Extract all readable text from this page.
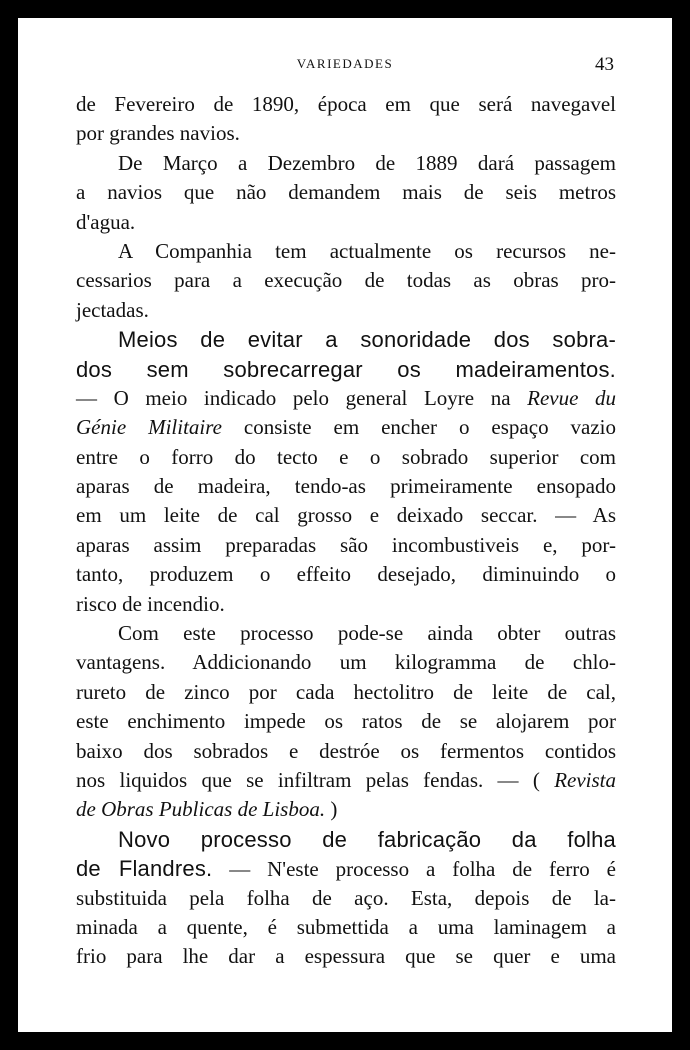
VARIEDADES	43
de Fevereiro de 1890, época em que será navegavel
por grandes navios.
De Março a Dezembro de 1889 dará passagem
a navios que não demandem mais de seis metros
d'agua.
A Companhia tem actualmente os recursos ne-
cessarios para a execução de todas as obras pro-
jectadas.
Meios de evitar a sonoridade dos sobra-
dos sem sobrecarregar os madeiramentos.
— O meio indicado pelo general Loyre na Revue du
Génie Militaire consiste em encher o espaço vazio
entre o forro do tecto e o sobrado superior com
aparas de madeira, tendo-as primeiramente ensopado
em um leite de cal grosso e deixado seccar. — As
aparas assim preparadas são incombustiveis e, por-
tanto, produzem o effeito desejado, diminuindo o
risco de incendio.
Com este processo pode-se ainda obter outras
vantagens. Addicionando um kilogramma de chlo-
rureto de zinco por cada hectolitro de leite de cal,
este enchimento impede os ratos de se alojarem por
baixo dos sobrados e destróe os fermentos contidos
nos liquidos que se infiltram pelas fendas. — ( Revista
de Obras Publicas de Lisboa. )
Novo processo de fabricação da folha
de Flandres. — N'este processo a folha de ferro é
substituida pela folha de aço. Esta, depois de la-
minada a quente, é submettida a uma laminagem a
frio para lhe dar a espessura que se quer e uma
